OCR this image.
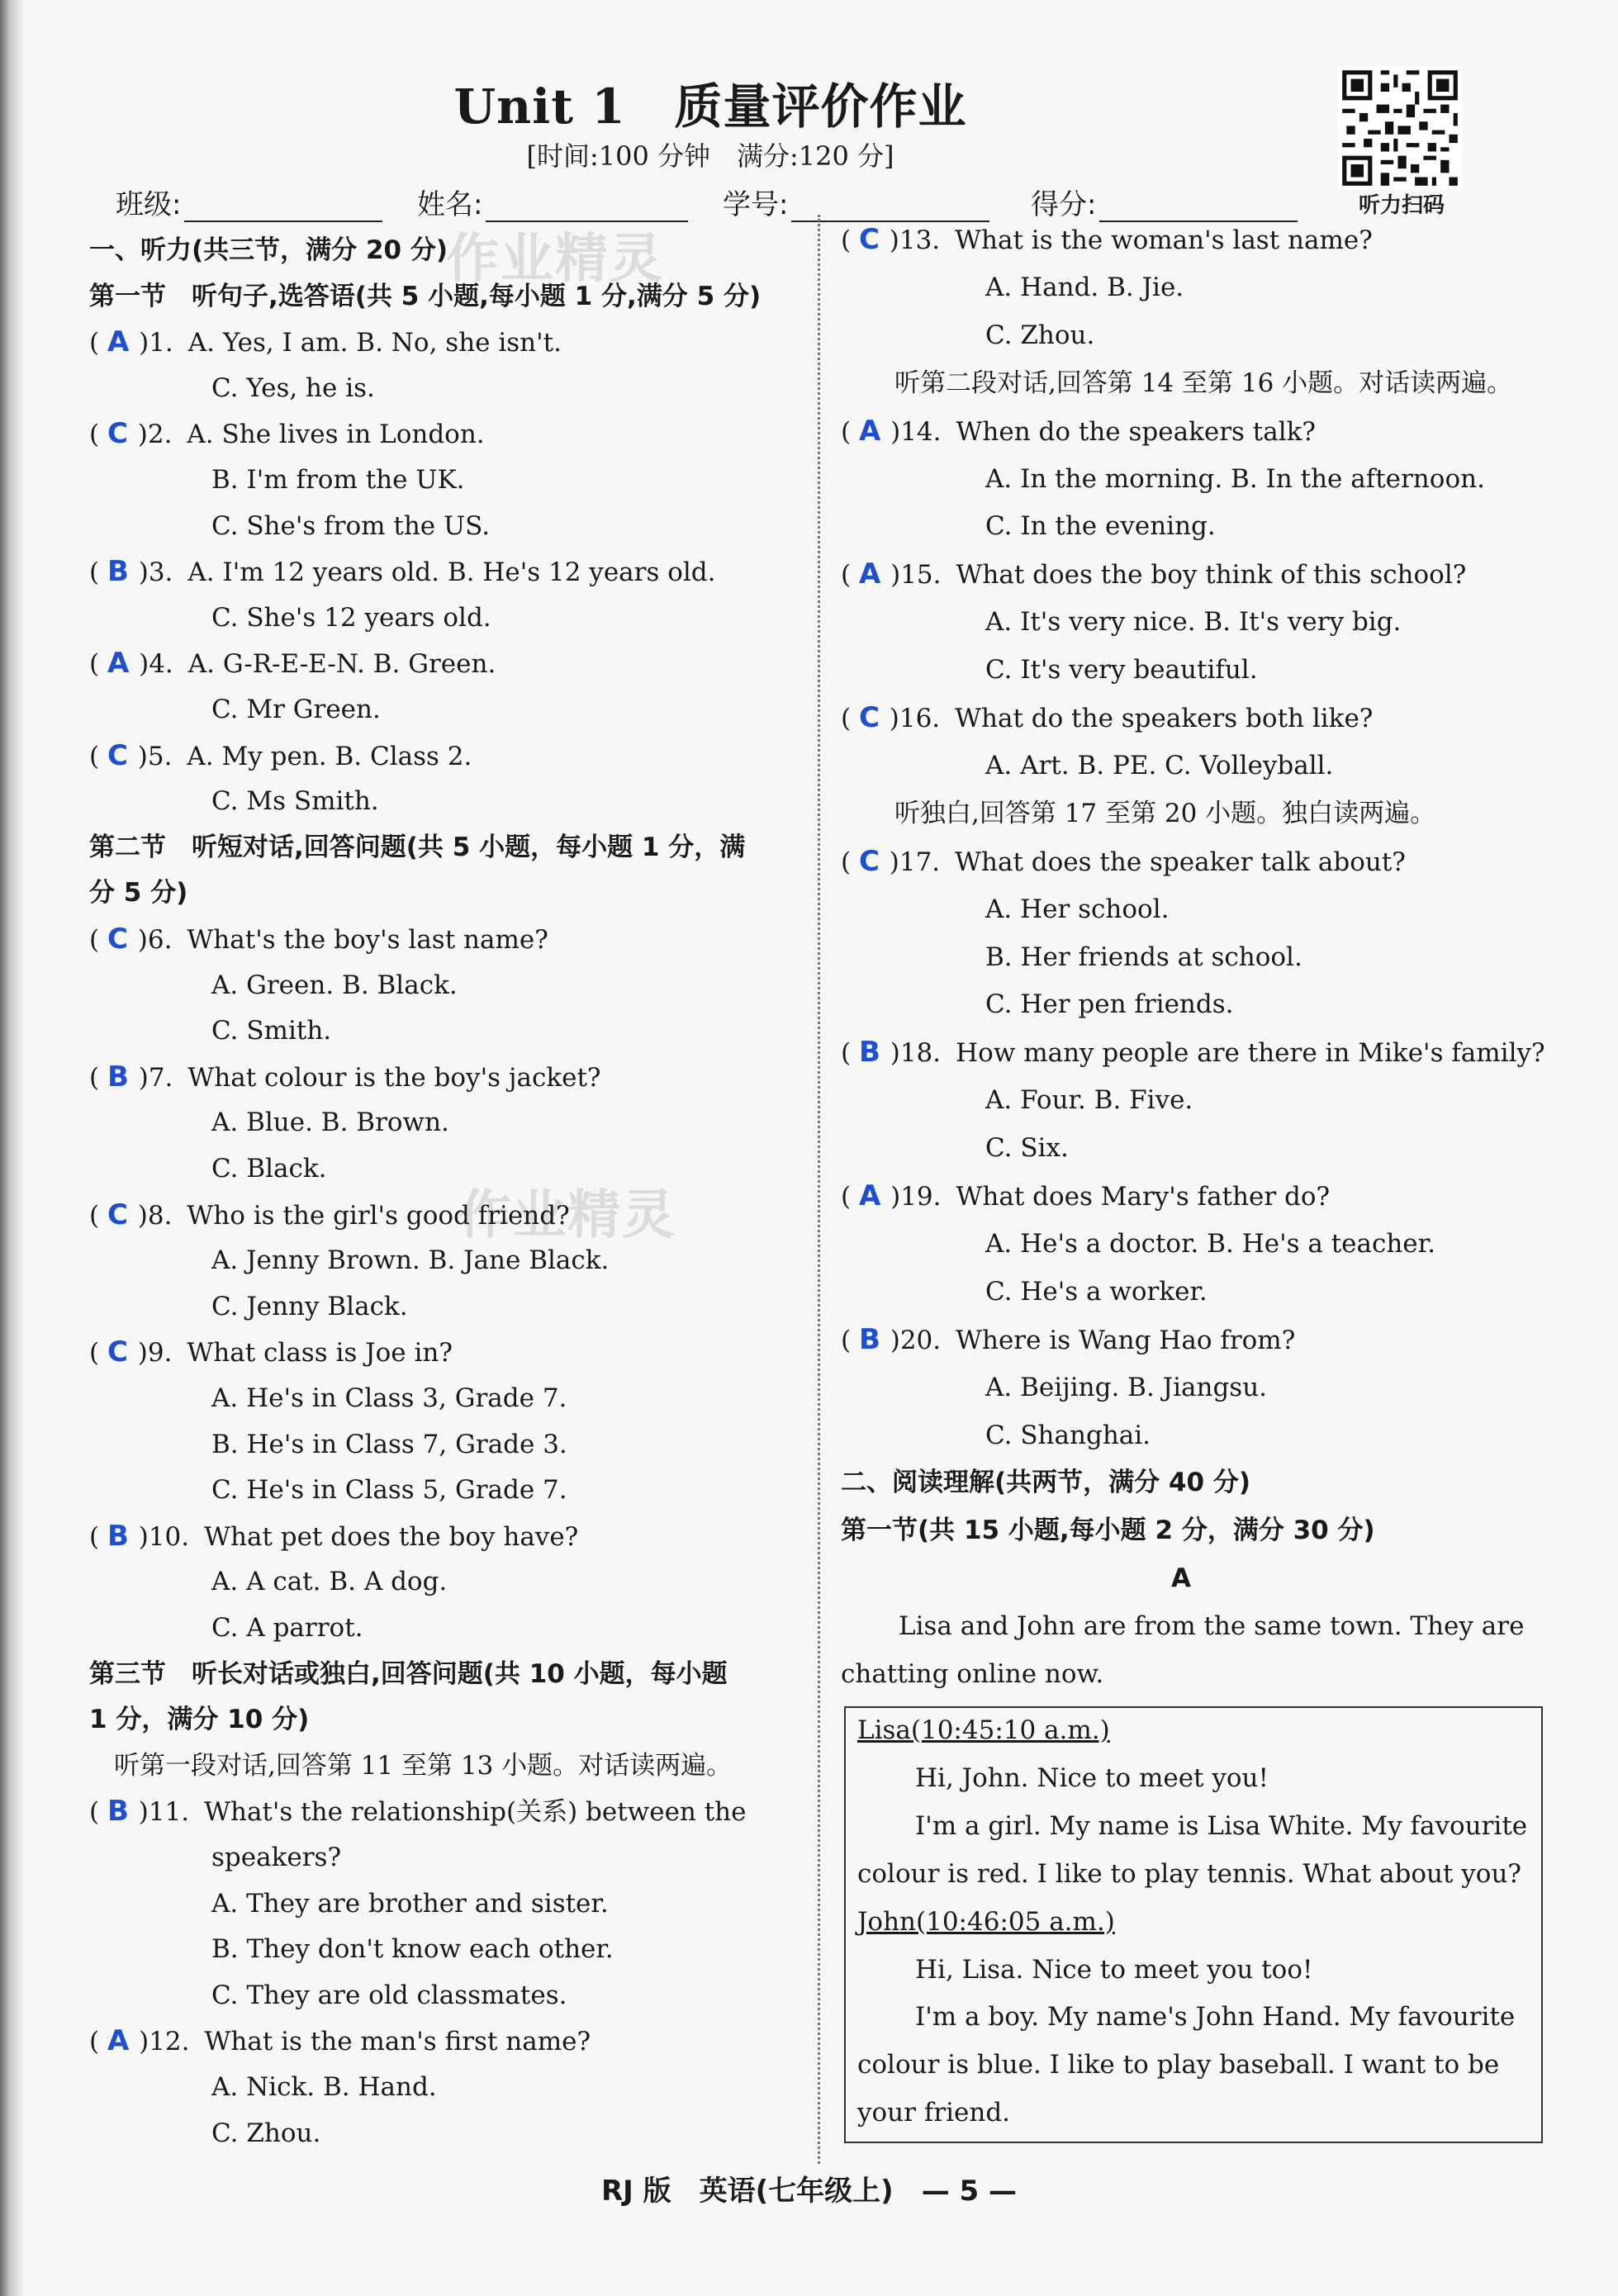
Unit 1　质量评价作业
[时间:100 分钟　满分:120 分]
听力扫码
班级:	姓名:	学号:	得分:
作业精灵
作业精灵
一、听力(共三节，满分 20 分)
第一节　听句子,选答语(共 5 小题,每小题 1 分,满分 5 分)
( A )1. A. Yes, I am. B. No, she isn't.
C. Yes, he is.
( C )2. A. She lives in London.
B. I'm from the UK.
C. She's from the US.
( B )3. A. I'm 12 years old. B. He's 12 years old.
C. She's 12 years old.
( A )4. A. G-R-E-E-N. B. Green.
C. Mr Green.
( C )5. A. My pen. B. Class 2.
C. Ms Smith.
第二节　听短对话,回答问题(共 5 小题，每小题 1 分，满
分 5 分)
( C )6. What's the boy's last name?
A. Green. B. Black.
C. Smith.
( B )7. What colour is the boy's jacket?
A. Blue. B. Brown.
C. Black.
( C )8. Who is the girl's good friend?
A. Jenny Brown. B. Jane Black.
C. Jenny Black.
( C )9. What class is Joe in?
A. He's in Class 3, Grade 7.
B. He's in Class 7, Grade 3.
C. He's in Class 5, Grade 7.
( B )10. What pet does the boy have?
A. A cat. B. A dog.
C. A parrot.
第三节　听长对话或独白,回答问题(共 10 小题，每小题
1 分，满分 10 分)
听第一段对话,回答第 11 至第 13 小题。对话读两遍。
( B )11. What's the relationship(关系) between the
speakers?
A. They are brother and sister.
B. They don't know each other.
C. They are old classmates.
( A )12. What is the man's first name?
A. Nick. B. Hand.
C. Zhou.
( C )13. What is the woman's last name?
A. Hand. B. Jie.
C. Zhou.
听第二段对话,回答第 14 至第 16 小题。对话读两遍。
( A )14. When do the speakers talk?
A. In the morning. B. In the afternoon.
C. In the evening.
( A )15. What does the boy think of this school?
A. It's very nice. B. It's very big.
C. It's very beautiful.
( C )16. What do the speakers both like?
A. Art. B. PE. C. Volleyball.
听独白,回答第 17 至第 20 小题。独白读两遍。
( C )17. What does the speaker talk about?
A. Her school.
B. Her friends at school.
C. Her pen friends.
( B )18. How many people are there in Mike's family?
A. Four. B. Five.
C. Six.
( A )19. What does Mary's father do?
A. He's a doctor. B. He's a teacher.
C. He's a worker.
( B )20. Where is Wang Hao from?
A. Beijing. B. Jiangsu.
C. Shanghai.
二、阅读理解(共两节，满分 40 分)
第一节(共 15 小题,每小题 2 分，满分 30 分)
A
Lisa and John are from the same town. They are
chatting online now.
Lisa(10:45:10 a.m.)
Hi, John. Nice to meet you!
I'm a girl. My name is Lisa White. My favourite
colour is red. I like to play tennis. What about you?
John(10:46:05 a.m.)
Hi, Lisa. Nice to meet you too!
I'm a boy. My name's John Hand. My favourite
colour is blue. I like to play baseball. I want to be
your friend.
RJ 版　英语(七年级上)　— 5 —
